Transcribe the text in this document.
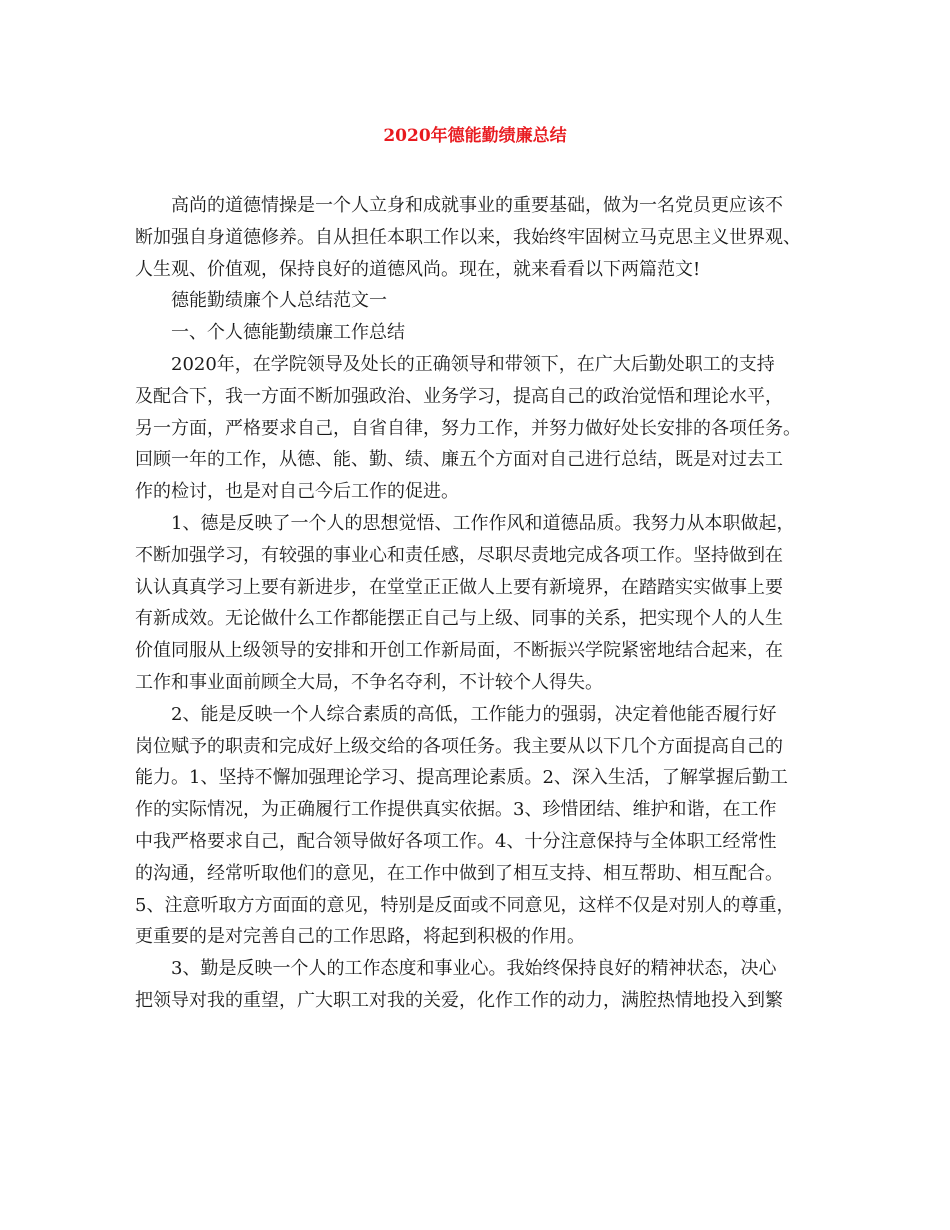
2020年德能勤绩廉总结

高尚的道德情操是一个人立身和成就事业的重要基础，做为一名党员更应该不
断加强自身道德修养。自从担任本职工作以来，我始终牢固树立马克思主义世界观、
人生观、价值观，保持良好的道德风尚。现在，就来看看以下两篇范文!

德能勤绩廉个人总结范文一

一、个人德能勤绩廉工作总结

2020年，在学院领导及处长的正确领导和带领下，在广大后勤处职工的支持
及配合下，我一方面不断加强政治、业务学习，提高自己的政治觉悟和理论水平，
另一方面，严格要求自己，自省自律，努力工作，并努力做好处长安排的各项任务。
回顾一年的工作，从德、能、勤、绩、廉五个方面对自己进行总结，既是对过去工
作的检讨，也是对自己今后工作的促进。

1、德是反映了一个人的思想觉悟、工作作风和道德品质。我努力从本职做起，
不断加强学习，有较强的事业心和责任感，尽职尽责地完成各项工作。坚持做到在
认认真真学习上要有新进步，在堂堂正正做人上要有新境界，在踏踏实实做事上要
有新成效。无论做什么工作都能摆正自己与上级、同事的关系，把实现个人的人生
价值同服从上级领导的安排和开创工作新局面，不断振兴学院紧密地结合起来，在
工作和事业面前顾全大局，不争名夺利，不计较个人得失。

2、能是反映一个人综合素质的高低，工作能力的强弱，决定着他能否履行好
岗位赋予的职责和完成好上级交给的各项任务。我主要从以下几个方面提高自己的
能力。1、坚持不懈加强理论学习、提高理论素质。2、深入生活，了解掌握后勤工
作的实际情况，为正确履行工作提供真实依据。3、珍惜团结、维护和谐，在工作
中我严格要求自己，配合领导做好各项工作。4、十分注意保持与全体职工经常性
的沟通，经常听取他们的意见，在工作中做到了相互支持、相互帮助、相互配合。
5、注意听取方方面面的意见，特别是反面或不同意见，这样不仅是对别人的尊重，
更重要的是对完善自己的工作思路，将起到积极的作用。

3、勤是反映一个人的工作态度和事业心。我始终保持良好的精神状态，决心
把领导对我的重望，广大职工对我的关爱，化作工作的动力，满腔热情地投入到繁
